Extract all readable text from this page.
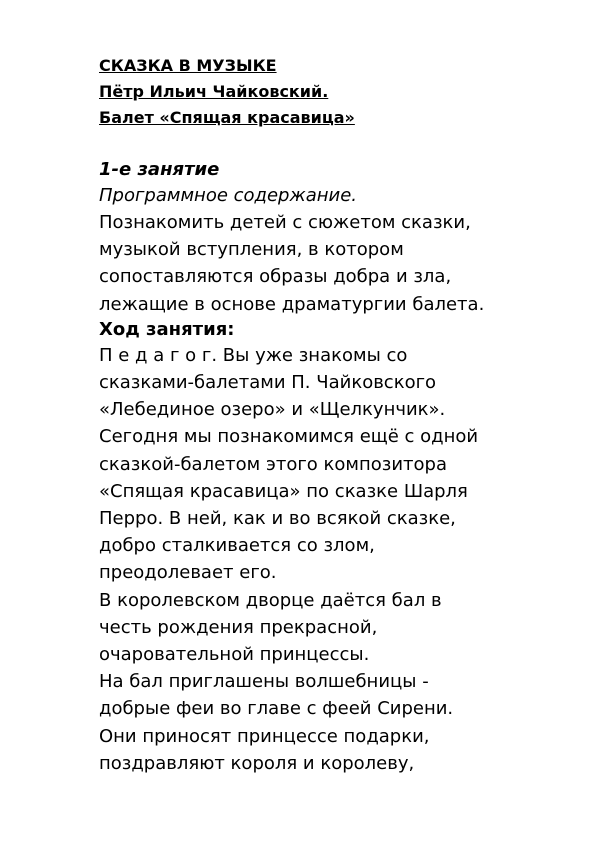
СКАЗКА В МУЗЫКЕ

Пётр Ильич Чайковский.

Балет «Спящая красавица»

1-е занятие

Программное содержание.

Познакомить детей с сюжетом сказки,

музыкой вступления, в котором

сопоставляются образы добра и зла,

лежащие в основе драматургии балета.

Ход занятия:

П е д а г о г. Вы уже знакомы со

сказками-балетами П. Чайковского

«Лебединое озеро» и «Щелкунчик».

Сегодня мы познакомимся ещё с одной

сказкой-балетом этого композитора

«Спящая красавица» по сказке Шарля

Перро. В ней, как и во всякой сказке,

добро сталкивается со злом,

преодолевает его.

В королевском дворце даётся бал в

честь рождения прекрасной,

очаровательной принцессы.

На бал приглашены волшебницы -

добрые феи во главе с феей Сирени.

Они приносят принцессе подарки,

поздравляют короля и королеву,
